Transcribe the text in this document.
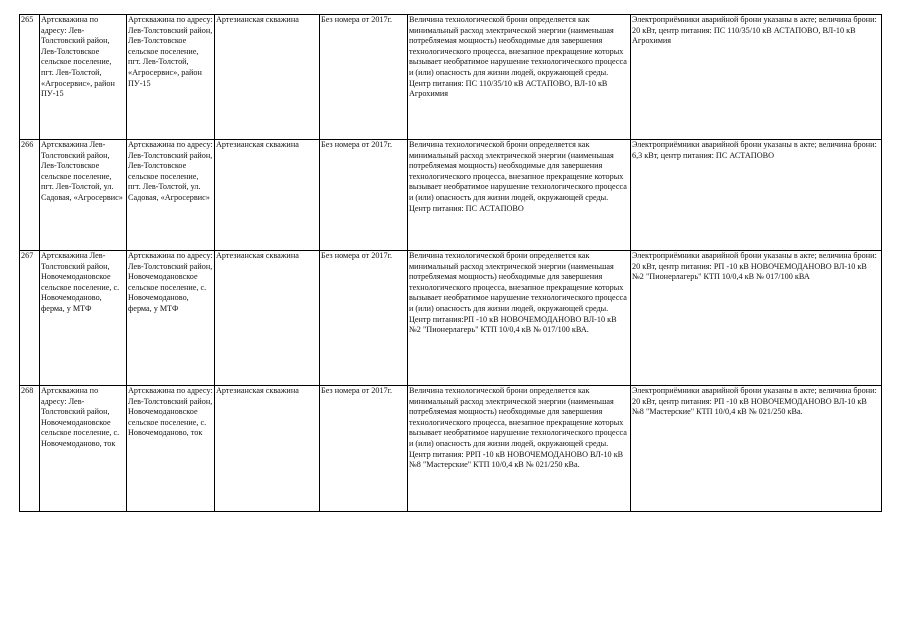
265	Артскважина по адресу: Лев-Толстовский район, Лев-Толстовское сельское поселение, пгт. Лев-Толстой, «Агросервис», район ПУ-15	Артскважина по адресу: Лев-Толстовский район, Лев-Толстовское сельское поселение, пгт. Лев-Толстой, «Агросервис», район ПУ-15	Артезианская скважина	Без номера от 2017г.	Величина технологической брони определяется как минимальный расход электрической энергии (наименьшая потребляемая мощность) необходимые для завершения технологического процесса, внезапное прекращение которых вызывает необратимое нарушение технологического процесса и (или) опасность для жизни людей, окружающей среды. Центр питания: ПС 110/35/10 кВ АСТАПОВО, ВЛ-10 кВ Агрохимия	Электроприёмники аварийной брони указаны в акте; величина брони: 20 кВт, центр питания: ПС 110/35/10 кВ АСТАПОВО, ВЛ-10 кВ Агрохимия
266	Артскважина Лев-Толстовский район, Лев-Толстовское сельское поселение, пгт. Лев-Толстой, ул. Садовая, «Агросервис»	Артскважина по адресу: Лев-Толстовский район, Лев-Толстовское сельское поселение, пгт. Лев-Толстой, ул. Садовая, «Агросервис»	Артезианская скважина	Без номера от 2017г.	Величина технологической брони определяется как минимальный расход электрической энергии (наименьшая потребляемая мощность) необходимые для завершения технологического процесса, внезапное прекращение которых вызывает необратимое нарушение технологического процесса и (или) опасность для жизни людей, окружающей среды. Центр питания: ПС АСТАПОВО	Электроприёмники аварийной брони указаны в акте; величина брони: 6,3 кВт, центр питания: ПС АСТАПОВО
267	Артскважина Лев-Толстовский район, Новочемодановское сельское поселение, с. Новочемоданово, ферма, у МТФ	Артскважина по адресу: Лев-Толстовский район, Новочемодановское сельское поселение, с. Новочемоданово, ферма, у МТФ	Артезианская скважина	Без номера от 2017г.	Величина технологической брони определяется как минимальный расход электрической энергии (наименьшая потребляемая мощность) необходимые для завершения технологического процесса, внезапное прекращение которых вызывает необратимое нарушение технологического процесса и (или) опасность для жизни людей, окружающей среды. Центр питания:РП -10 кВ НОВОЧЕМОДАНОВО ВЛ-10 кВ №2 "Пионерлагерь" КТП 10/0,4 кВ № 017/100 кВА.	Электроприёмники аварийной брони указаны в акте; величина брони: 20 кВт, центр питания: РП -10 кВ НОВОЧЕМОДАНОВО ВЛ-10 кВ №2 "Пионерлагерь" КТП 10/0,4 кВ № 017/100 кВА
268	Артскважина по адресу: Лев-Толстовский район, Новочемодановское сельское поселение, с. Новочемоданово, ток	Артскважина по адресу: Лев-Толстовский район, Новочемодановское сельское поселение, с. Новочемоданово, ток	Артезианская скважина	Без номера от 2017г.	Величина технологической брони определяется как минимальный расход электрической энергии (наименьшая потребляемая мощность) необходимые для завершения технологического процесса, внезапное прекращение которых вызывает необратимое нарушение технологического процесса и (или) опасность для жизни людей, окружающей среды. Центр питания: РРП -10 кВ НОВОЧЕМОДАНОВО ВЛ-10 кВ №8 "Мастерские" КТП 10/0,4 кВ № 021/250 кВа.	Электроприёмники аварийной брони указаны в акте; величина брони: 20 кВт, центр питания: РП -10 кВ НОВОЧЕМОДАНОВО ВЛ-10 кВ №8 "Мастерские" КТП 10/0,4 кВ № 021/250 кВа.
